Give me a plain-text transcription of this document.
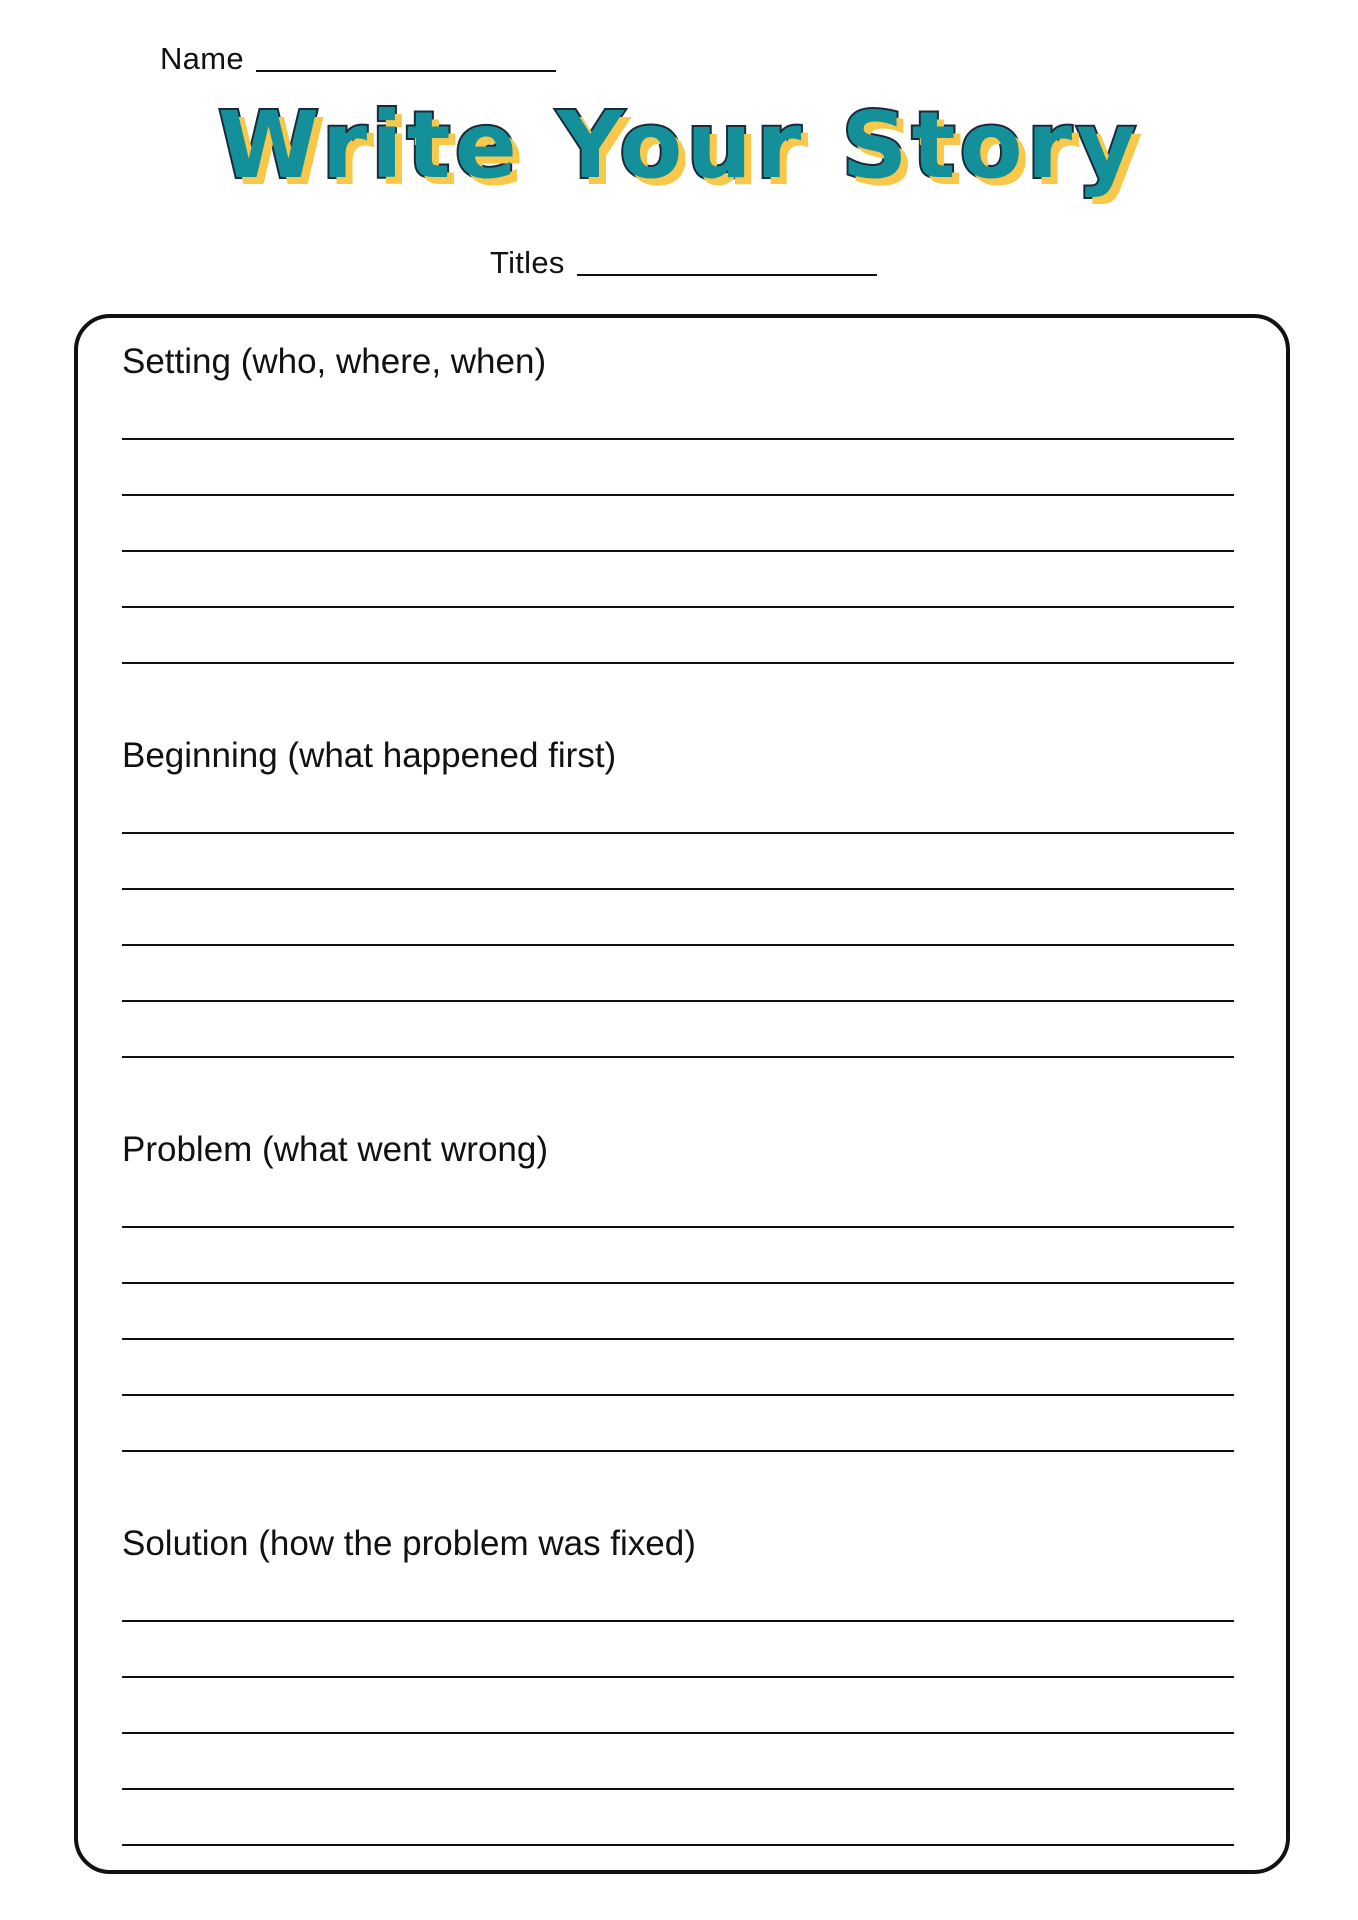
Name
Write Your Story
Titles

Setting (who, where, when)

Beginning (what happened first)

Problem (what went wrong)

Solution (how the problem was fixed)
